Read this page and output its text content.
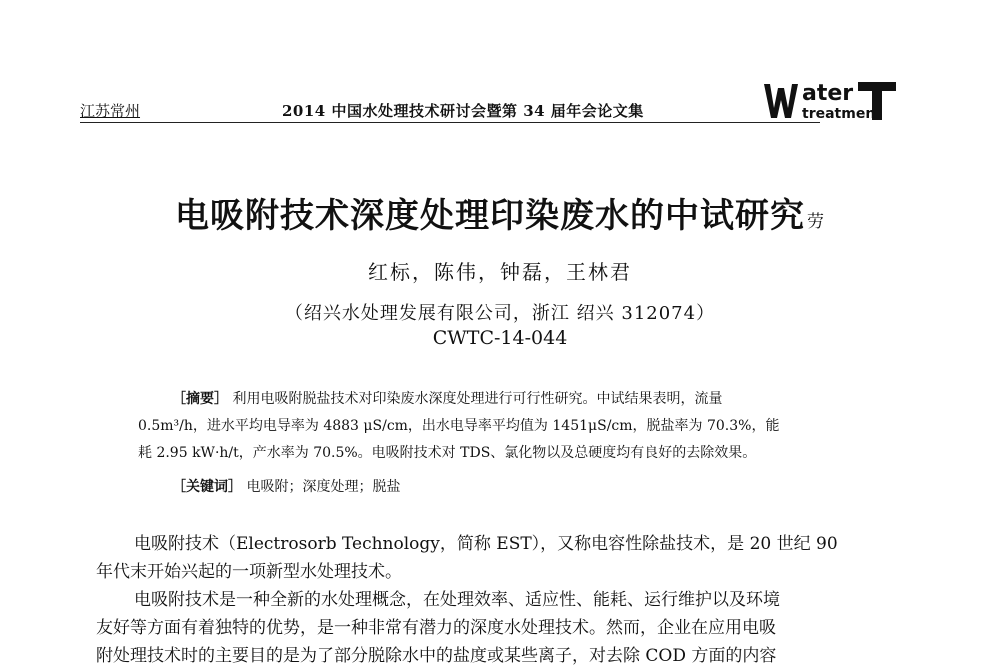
江苏常州	2014 中国水处理技术研讨会暨第 34 届年会论文集
ater
treatmen
电吸附技术深度处理印染废水的中试研究 劳
红标，陈伟，钟磊，王林君
（绍兴水处理发展有限公司，浙江 绍兴 312074）
CWTC-14-044
［摘要］ 利用电吸附脱盐技术对印染废水深度处理进行可行性研究。中试结果表明，流量
0.5m³/h，进水平均电导率为 4883 μS/cm，出水电导率平均值为 1451μS/cm，脱盐率为 70.3%，能
耗 2.95 kW·h/t，产水率为 70.5%。电吸附技术对 TDS、氯化物以及总硬度均有良好的去除效果。
［关键词］ 电吸附；深度处理；脱盐
电吸附技术（Electrosorb Technology，简称 EST），又称电容性除盐技术，是 20 世纪 90
年代末开始兴起的一项新型水处理技术。
电吸附技术是一种全新的水处理概念，在处理效率、适应性、能耗、运行维护以及环境
友好等方面有着独特的优势，是一种非常有潜力的深度水处理技术。然而，企业在应用电吸
附处理技术时的主要目的是为了部分脱除水中的盐度或某些离子，对去除 COD 方面的内容
